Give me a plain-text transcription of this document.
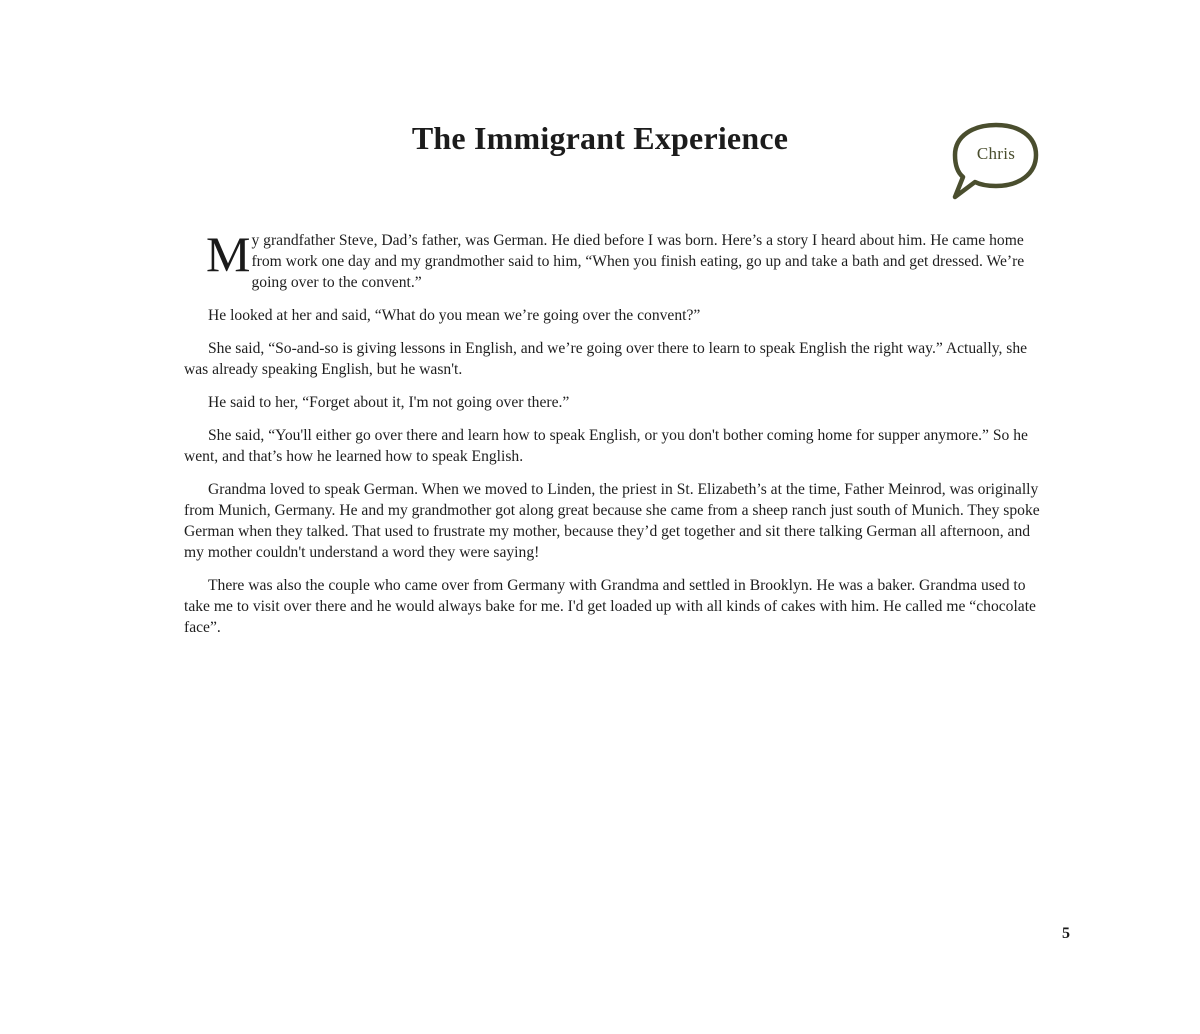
The Immigrant Experience	Chris

My grandfather Steve, Dad’s father, was German. He died before I was born. Here’s a story I heard about him. He came home from work one day and my grandmother said to him, “When you finish eating, go up and take a bath and get dressed. We’re going over to the convent.”

He looked at her and said, “What do you mean we’re going over the convent?”

She said, “So-and-so is giving lessons in English, and we’re going over there to learn to speak English the right way.” Actually, she was already speaking English, but he wasn't.

He said to her, “Forget about it, I'm not going over there.”

She said, “You'll either go over there and learn how to speak English, or you don't bother coming home for supper anymore.” So he went, and that’s how he learned how to speak English.

Grandma loved to speak German. When we moved to Linden, the priest in St. Elizabeth’s at the time, Father Meinrod, was originally from Munich, Germany. He and my grandmother got along great because she came from a sheep ranch just south of Munich. They spoke German when they talked. That used to frustrate my mother, because they’d get together and sit there talking German all afternoon, and my mother couldn't understand a word they were saying!

There was also the couple who came over from Germany with Grandma and settled in Brooklyn. He was a baker. Grandma used to take me to visit over there and he would always bake for me. I'd get loaded up with all kinds of cakes with him. He called me “chocolate face”.

5
